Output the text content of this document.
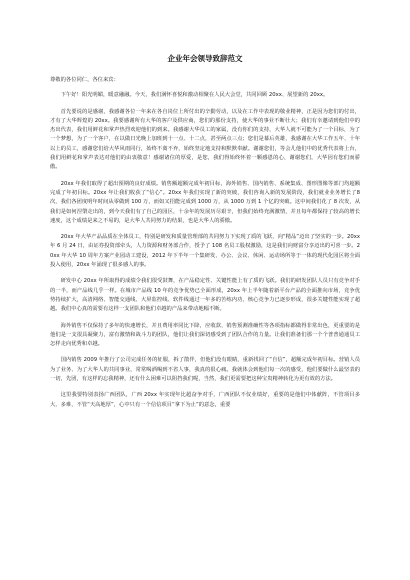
企业年会领导致辞范文
尊敬的各位同仁，各位来宾：

下午好！阳光明媚，暖意融融。今天，我们满怀喜悦和激动相聚在人民大会堂，共同回顾 20xx、展望新的 20xx。

首先要说的是感谢，我感谢各位一年来在各自岗位上所付出的辛勤劳动，以及在工作中表现的敬业精神，正是因为您们的付出，才有了大华辉煌的 20xx。我要感谢所有大华的客户及供应商，您们的那份支持，使大华的事业不断壮大；我们有幸邀请到他们中的杰出代表，我们用鲜花和掌声热烈欢迎他们的到来。我感谢大华员工的家属，没有你们的支持，大华人就不可能为了一个目标，为了一个梦想，为了一个客户，在以做日光晚上加班到十一点、十二点，甚至两点三点；您们是幕后英雄，我感谢在大华工作五年、十年以上的员工，感谢您们给大华风雨同行，始终不离不弃，始终坚定地支持和默默奉献。谢谢您们，等会儿他们中的优秀代表将上台，我们用鲜花和掌声表达对他们的由衷敬意！感谢诸位的厚爱，是您，我们得始终怀着一颗感恩的心，谢谢您们，大华因有您们而骄傲。

20xx 年我们取得了超出预期的良好成绩。销售额超额完成年初目标，海外销售、国内销售、系统集成、图形图像等部门均超额完成了年初目标。20xx 年让我们收获了“信心”。20xx 年我们实现了新的突破，我们咨询入新的发展阶段，我们就业业务增长了8 次，我们各团度明年时间从零做到 100 万，而如又招能完成到 1000 万，从 1000 万到 1 个亿的突破。这中间我们花了 8 次发，从我们是如何涅槃走出的，到今天我们有了自己的园区，十余年的发展历尽艰辛，但我们始终充满激情，并且每年都保持了较高的增长速度，这个成绩是来之不易的，是大华人共同努力的结果，也是大华人的骄傲。

20xx 年大华产品品质在全体员工，特别是研发和质量管理部的共同努力下实现了质的飞跃，向“精品”迈出了坚实的一步。20xx 年 6 月 24 日，由证券投资部牵头，人力资源和财务部合作，授予了 108 名员工股权激励，这是我们向财富分享迈出的可喜一步。20xx 年大华 10 周年方案产业园动工建设，2012 年下半年一个集研发、办公、会议、休闲、运动场所等于一体的现代化园区将全面投入使用，20xx 年涌现了很多感人的事。

研发中心 20xx 年所取得的成绩令我们很受鼓舞，在产品稳定性、关键性能上有了质的飞跃。我们的研发团队人员只有竞争对手的一半，而产品线几乎一样。在城市产品线 10 年的竞争优势已全面形成，20xx 年上半年随着新平台产品的全面推向市场，竞争优势持续扩大，高清网络、智能交通线、大屏监控线、软件线通过一年多的苦练内功，核心竞争力已逐步形成，很多关键性能实现了超越。我们中心真的需要有这样一支团队和他们卓越的产品来带动地幅不断。

海外销售不仅保持了多年的快速增长，并且费用率同比下降，应收款、销售预测准确性等各项指标都做得非常出色，更重要的是他们是一支很具凝聚力，富有激情和战斗力的团队，他们让我们深切感受到了团队合作的力量。让我们准备们那一个个普普通通员工怎样走向优秀和卓越。

国内销售 2009 年推行了公司完成任务的征服，拆了散伴，但他们没有眼睛，重新找回了“自信”，超额完成年初目标。营销人员为了业务、为了大华人的共同事业，常常喝酒喝到不省人事，我真的很心痛。我就体会到他们每一次的感受，他们要做什么最坚表的一切，先团，有这样的忘我精神，还有什么困难可以阻挡我们呢，当然，我们更需要把这种宝贵精神转化为更有效的方法。

这里我要特别表扬广西团队，广西 20xx 年实现年比超奋争对手，广西团队不仅业绩好，重要的是他们中体献阵，不管项目多大、多难，不管“天高地厚”，心中只有一个信信项目“拿下为止”的意念，重要
